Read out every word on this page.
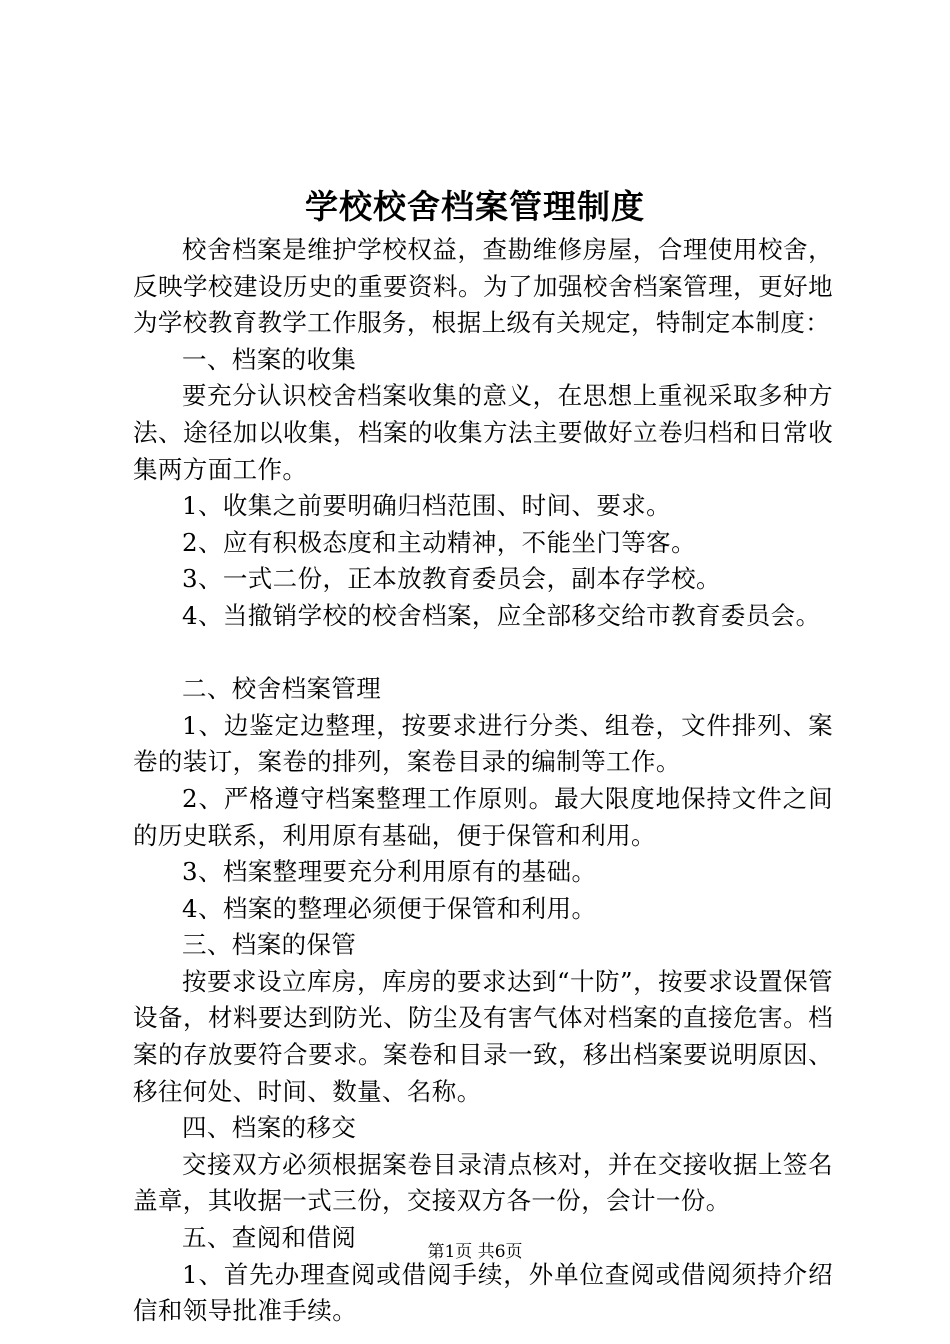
学校校舍档案管理制度

校舍档案是维护学校权益，查勘维修房屋，合理使用校舍，反映学校建设历史的重要资料。为了加强校舍档案管理，更好地为学校教育教学工作服务，根据上级有关规定，特制定本制度：

一、档案的收集

要充分认识校舍档案收集的意义，在思想上重视采取多种方法、途径加以收集，档案的收集方法主要做好立卷归档和日常收集两方面工作。

1、收集之前要明确归档范围、时间、要求。

2、应有积极态度和主动精神，不能坐门等客。

3、一式二份，正本放教育委员会，副本存学校。

4、当撤销学校的校舍档案，应全部移交给市教育委员会。

二、校舍档案管理

1、边鉴定边整理，按要求进行分类、组卷，文件排列、案卷的装订，案卷的排列，案卷目录的编制等工作。

2、严格遵守档案整理工作原则。最大限度地保持文件之间的历史联系，利用原有基础，便于保管和利用。

3、档案整理要充分利用原有的基础。

4、档案的整理必须便于保管和利用。

三、档案的保管

按要求设立库房，库房的要求达到“十防”，按要求设置保管设备，材料要达到防光、防尘及有害气体对档案的直接危害。档案的存放要符合要求。案卷和目录一致，移出档案要说明原因、移往何处、时间、数量、名称。

四、档案的移交

交接双方必须根据案卷目录清点核对，并在交接收据上签名盖章，其收据一式三份，交接双方各一份，会计一份。

五、查阅和借阅

1、首先办理查阅或借阅手续，外单位查阅或借阅须持介绍信和领导批准手续。

第1页 共6页
